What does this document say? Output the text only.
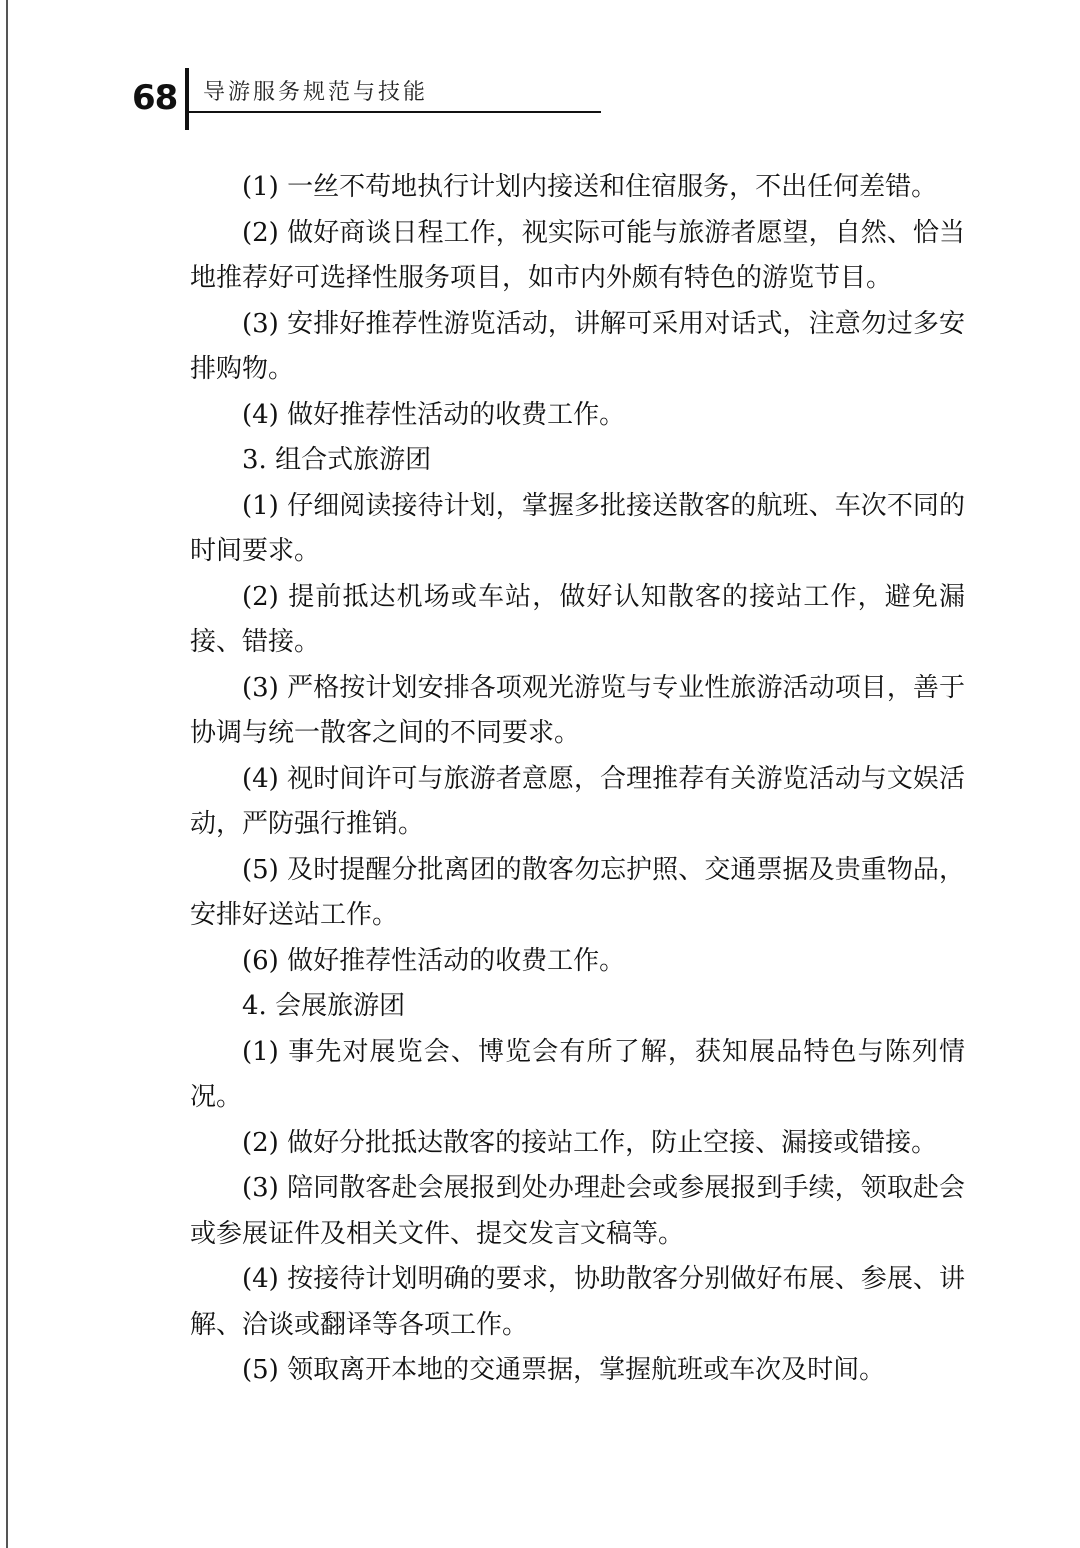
68 导游服务规范与技能

(1) 一丝不苟地执行计划内接送和住宿服务，不出任何差错。

(2) 做好商谈日程工作，视实际可能与旅游者愿望，自然、恰当地推荐好可选择性服务项目，如市内外颇有特色的游览节目。

(3) 安排好推荐性游览活动，讲解可采用对话式，注意勿过多安排购物。

(4) 做好推荐性活动的收费工作。

3. 组合式旅游团

(1) 仔细阅读接待计划，掌握多批接送散客的航班、车次不同的时间要求。

(2) 提前抵达机场或车站，做好认知散客的接站工作，避免漏接、错接。

(3) 严格按计划安排各项观光游览与专业性旅游活动项目，善于协调与统一散客之间的不同要求。

(4) 视时间许可与旅游者意愿，合理推荐有关游览活动与文娱活动，严防强行推销。

(5) 及时提醒分批离团的散客勿忘护照、交通票据及贵重物品，安排好送站工作。

(6) 做好推荐性活动的收费工作。

4. 会展旅游团

(1) 事先对展览会、博览会有所了解，获知展品特色与陈列情况。

(2) 做好分批抵达散客的接站工作，防止空接、漏接或错接。

(3) 陪同散客赴会展报到处办理赴会或参展报到手续，领取赴会或参展证件及相关文件、提交发言文稿等。

(4) 按接待计划明确的要求，协助散客分别做好布展、参展、讲解、洽谈或翻译等各项工作。

(5) 领取离开本地的交通票据，掌握航班或车次及时间。
